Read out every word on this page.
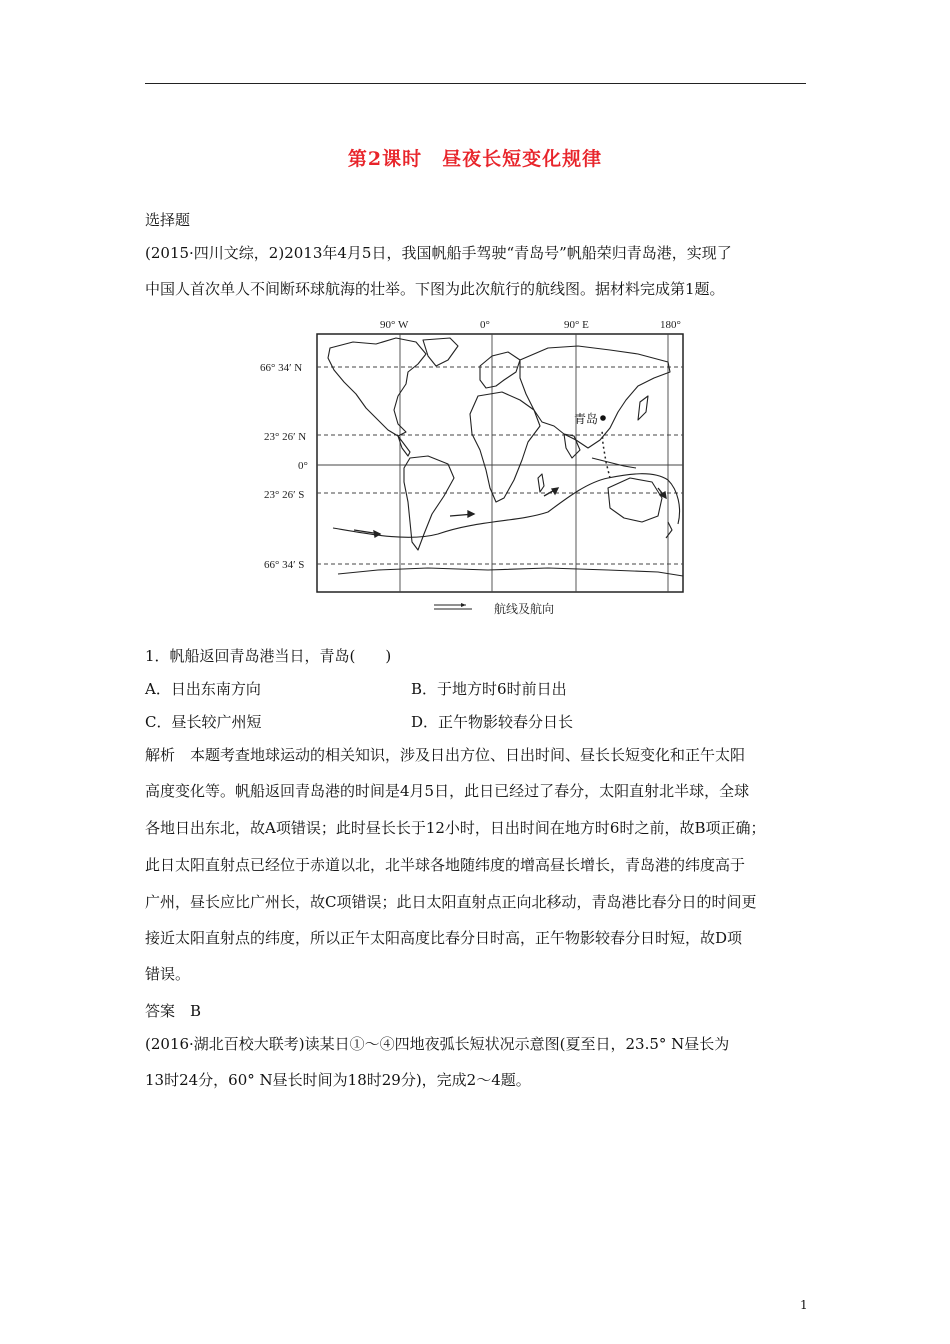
第2课时　昼夜长短变化规律
选择题
(2015·四川文综，2)2013年4月5日，我国帆船手驾驶“青岛号”帆船荣归青岛港，实现了
中国人首次单人不间断环球航海的壮举。下图为此次航行的航线图。据材料完成第1题。
90° W	0°	90° E	180°
66° 34′ N
23° 26′ N
0°
23° 26′ S
66° 34′ S
青岛
航线及航向
1．帆船返回青岛港当日，青岛(　　)
A．日出东南方向	B．于地方时6时前日出
C．昼长较广州短	D．正午物影较春分日长
解析　本题考查地球运动的相关知识，涉及日出方位、日出时间、昼长长短变化和正午太阳
高度变化等。帆船返回青岛港的时间是4月5日，此日已经过了春分，太阳直射北半球，全球
各地日出东北，故A项错误；此时昼长长于12小时，日出时间在地方时6时之前，故B项正确；
此日太阳直射点已经位于赤道以北，北半球各地随纬度的增高昼长增长，青岛港的纬度高于
广州，昼长应比广州长，故C项错误；此日太阳直射点正向北移动，青岛港比春分日的时间更
接近太阳直射点的纬度，所以正午太阳高度比春分日时高，正午物影较春分日时短，故D项
错误。
答案　B
(2016·湖北百校大联考)读某日①～④四地夜弧长短状况示意图(夏至日，23.5° N昼长为
13时24分，60° N昼长时间为18时29分)，完成2～4题。
1
